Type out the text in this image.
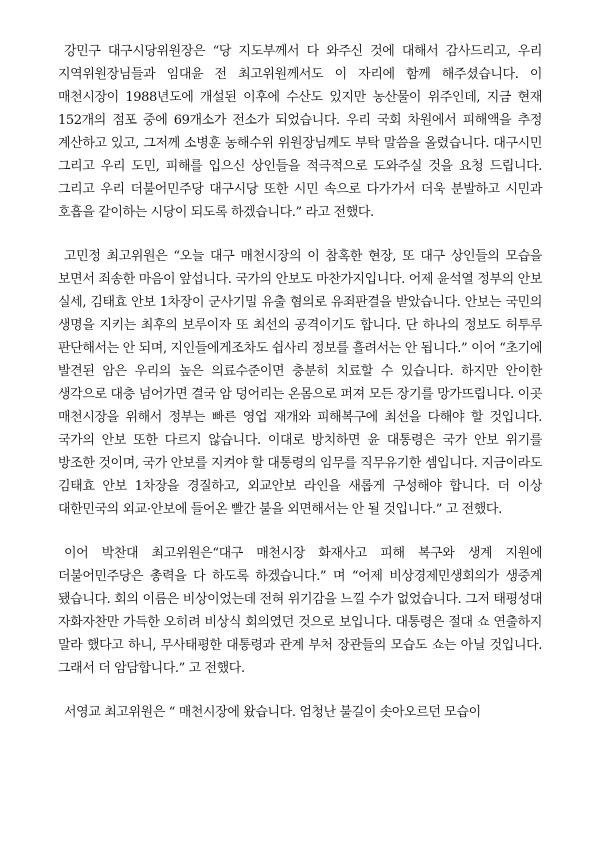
강민구 대구시당위원장은 “당 지도부께서 다 와주신 것에 대해서 감사드리고, 우리 지역위원장님들과 임대윤 전 최고위원께서도 이 자리에 함께 해주셨습니다. 이 매천시장이 1988년도에 개설된 이후에 수산도 있지만 농산물이 위주인데, 지금 현재 152개의 점포 중에 69개소가 전소가 되었습니다. 우리 국회 차원에서 피해액을 추정 계산하고 있고, 그저께 소병훈 농해수위 위원장님께도 부탁 말씀을 올렸습니다. 대구시민 그리고 우리 도민, 피해를 입으신 상인들을 적극적으로 도와주실 것을 요청 드립니다. 그리고 우리 더불어민주당 대구시당 또한 시민 속으로 다가가서 더욱 분발하고 시민과 호흡을 같이하는 시당이 되도록 하겠습니다.” 라고 전했다.

고민정 최고위원은 “오늘 대구 매천시장의 이 참혹한 현장, 또 대구 상인들의 모습을 보면서 죄송한 마음이 앞섭니다. 국가의 안보도 마찬가지입니다. 어제 윤석열 정부의 안보 실세, 김태효 안보 1차장이 군사기밀 유출 혐의로 유죄판결을 받았습니다. 안보는 국민의 생명을 지키는 최후의 보루이자 또 최선의 공격이기도 합니다. 단 하나의 정보도 허투루 판단해서는 안 되며, 지인들에게조차도 쉽사리 정보를 흘려서는 안 됩니다.” 이어 “초기에 발견된 암은 우리의 높은 의료수준이면 충분히 치료할 수 있습니다. 하지만 안이한 생각으로 대충 넘어가면 결국 암 덩어리는 온몸으로 퍼져 모든 장기를 망가뜨립니다. 이곳 매천시장을 위해서 정부는 빠른 영업 재개와 피해복구에 최선을 다해야 할 것입니다. 국가의 안보 또한 다르지 않습니다. 이대로 방치하면 윤 대통령은 국가 안보 위기를 방조한 것이며, 국가 안보를 지켜야 할 대통령의 임무를 직무유기한 셈입니다. 지금이라도 김태효 안보 1차장을 경질하고, 외교안보 라인을 새롭게 구성해야 합니다. 더 이상 대한민국의 외교·안보에 들어온 빨간 불을 외면해서는 안 될 것입니다.” 고 전했다.

이어 박찬대 최고위원은“대구 매천시장 화재사고 피해 복구와 생계 지원에 더불어민주당은 총력을 다 하도록 하겠습니다.” 며 “어제 비상경제민생회의가 생중계 됐습니다. 회의 이름은 비상이었는데 전혀 위기감을 느낄 수가 없었습니다. 그저 태평성대 자화자찬만 가득한 오히려 비상식 회의였던 것으로 보입니다. 대통령은 절대 쇼 연출하지 말라 했다고 하니, 무사태평한 대통령과 관계 부처 장관들의 모습도 쇼는 아닐 것입니다. 그래서 더 암담합니다.” 고 전했다.

서영교 최고위원은 “ 매천시장에 왔습니다. 엄청난 불길이 솟아오르던 모습이
